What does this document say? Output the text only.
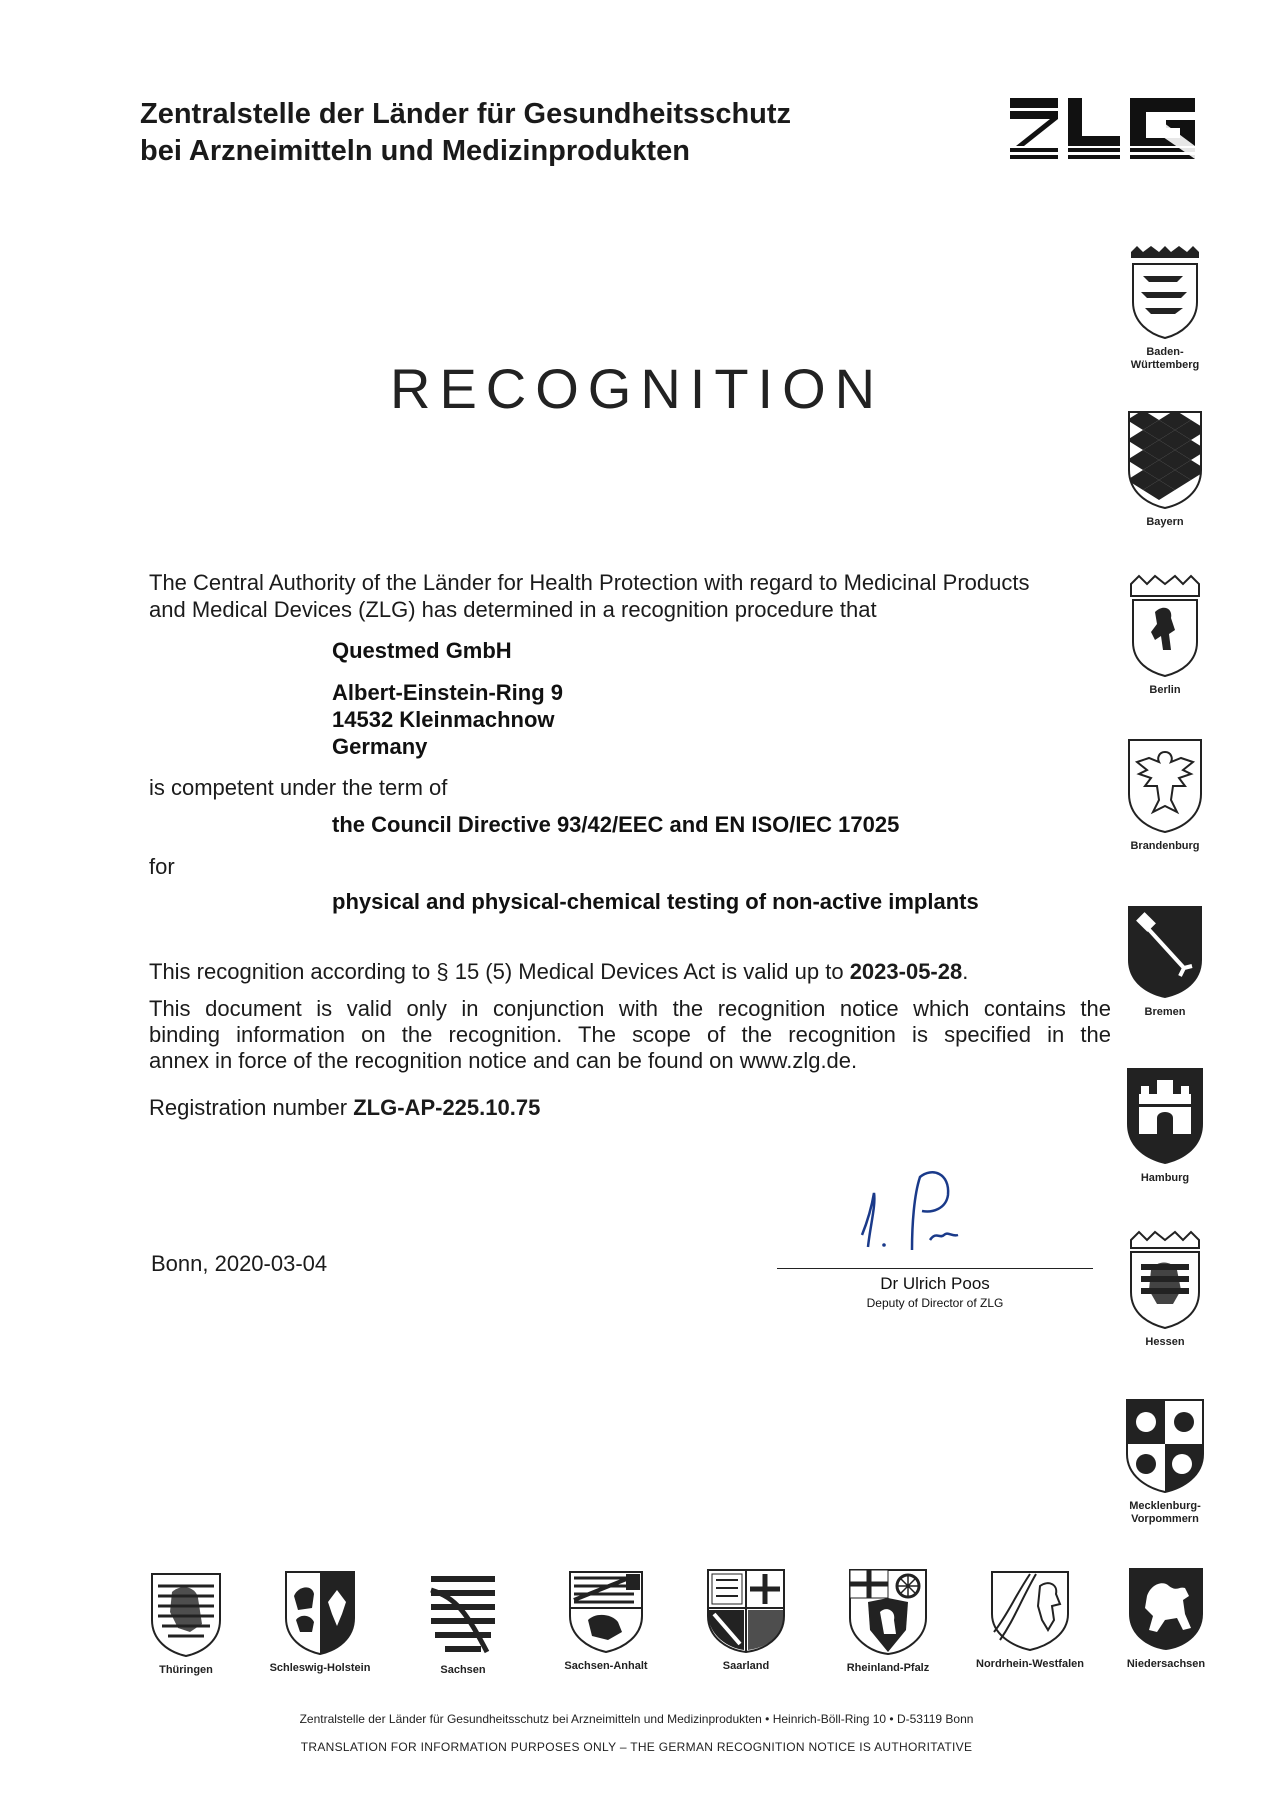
Zentralstelle der Länder für Gesundheitsschutz
bei Arzneimitteln und Medizinprodukten
RECOGNITION
The Central Authority of the Länder for Health Protection with regard to Medicinal Products
and Medical Devices (ZLG) has determined in a recognition procedure that
Questmed GmbH
Albert-Einstein-Ring 9
14532 Kleinmachnow
Germany
is competent under the term of
the Council Directive 93/42/EEC and EN ISO/IEC 17025
for
physical and physical-chemical testing of non-active implants
This recognition according to § 15 (5) Medical Devices Act is valid up to 2023-05-28.
This document is valid only in conjunction with the recognition notice which contains the
binding information on the recognition. The scope of the recognition is specified in the
annex in force of the recognition notice and can be found on www.zlg.de.
Registration number ZLG-AP-225.10.75
Bonn, 2020-03-04
Dr Ulrich Poos
Deputy of Director of ZLG
Baden-
Württemberg
Bayern
Berlin
Brandenburg
Bremen
Hamburg
Hessen
Mecklenburg-
Vorpommern
Thüringen	Schleswig-Holstein	Sachsen	Sachsen-Anhalt	Saarland	Rheinland-Pfalz	Nordrhein-Westfalen	Niedersachsen
Zentralstelle der Länder für Gesundheitsschutz bei Arzneimitteln und Medizinprodukten • Heinrich-Böll-Ring 10 • D-53119 Bonn
TRANSLATION FOR INFORMATION PURPOSES ONLY – THE GERMAN RECOGNITION NOTICE IS AUTHORITATIVE
